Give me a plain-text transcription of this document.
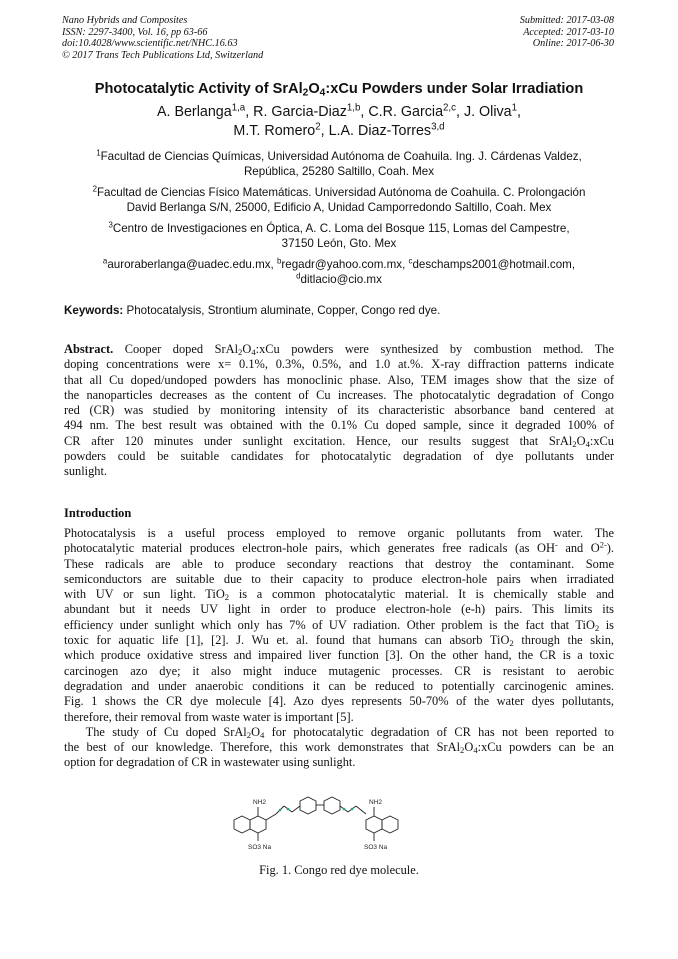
Nano Hybrids and Composites
ISSN: 2297-3400, Vol. 16, pp 63-66
doi:10.4028/www.scientific.net/NHC.16.63
© 2017 Trans Tech Publications Ltd, Switzerland
Submitted: 2017-03-08
Accepted: 2017-03-10
Online: 2017-06-30
Photocatalytic Activity of $SrAl_2O_4:xCu$ Powders under Solar Irradiation
A. Berlanga$^{1,a}$, R. Garcia-Diaz$^{1,b}$, C.R. Garcia$^{2,c}$, J. Oliva$^1$,
M.T. Romero$^2$, L.A. Diaz-Torres$^{3,d}$
$^1$Facultad de Ciencias Químicas, Universidad Autónoma de Coahuila. Ing. J. Cárdenas Valdez,
República, 25280 Saltillo, Coah. Mex
$^2$Facultad de Ciencias Físico Matemáticas. Universidad Autónoma de Coahuila. C. Prolongación
David Berlanga S/N, 25000, Edificio A, Unidad Camporredondo Saltillo, Coah. Mex
$^3$Centro de Investigaciones en Óptica, A. C. Loma del Bosque 115, Lomas del Campestre,
37150 León, Gto. Mex
$^a$auroraberlanga@uadec.edu.mx, $^b$regadr@yahoo.com.mx, $^c$deschamps2001@hotmail.com,
$^d$ditlacio@cio.mx
Keywords: Photocatalysis, Strontium aluminate, Copper, Congo red dye.
Abstract. Cooper doped $SrAl_2O_4:xCu$ powders were synthesized by combustion method. The
doping concentrations were x= 0.1%, 0.3%, 0.5%, and 1.0 at.%. X-ray diffraction patterns indicate
that all Cu doped/undoped powders has monoclinic phase. Also, TEM images show that the size of
the nanoparticles decreases as the content of Cu increases. The photocatalytic degradation of Congo
red (CR) was studied by monitoring intensity of its characteristic absorbance band centered at
494 nm. The best result was obtained with the 0.1% Cu doped sample, since it degraded 100% of
CR after 120 minutes under sunlight excitation. Hence, our results suggest that $SrAl_2O_4:xCu$
powders could be suitable candidates for photocatalytic degradation of dye pollutants under
sunlight.
Introduction
Photocatalysis is a useful process employed to remove organic pollutants from water. The
photocatalytic material produces electron-hole pairs, which generates free radicals (as OH- and $O^{2-}$).
These radicals are able to produce secondary reactions that destroy the contaminant. Some
semiconductors are suitable due to their capacity to produce electron-hole pairs when irradiated
with UV or sun light. TiO$_2$ is a common photocatalytic material. It is chemically stable and
abundant but it needs UV light in order to produce electron-hole (e-h) pairs. This limits its
efficiency under sunlight which only has 7% of UV radiation. Other problem is the fact that TiO$_2$ is
toxic for aquatic life [1], [2]. J. Wu et. al. found that humans can absorb TiO$_2$ through the skin,
which produce oxidative stress and impaired liver function [3]. On the other hand, the CR is a toxic
carcinogen azo dye; it also might induce mutagenic processes. CR is resistant to aerobic
degradation and under anaerobic conditions it can be reduced to potentially carcinogenic amines.
Fig. 1 shows the CR dye molecule [4]. Azo dyes represents 50-70% of the water dyes pollutants,
therefore, their removal from waste water is important [5].
The study of Cu doped $SrAl_2O_4$ for photocatalytic degradation of CR has not been reported to
the best of our knowledge. Therefore, this work demonstrates that $SrAl_2O_4:xCu$ powders can be an
option for degradation of CR in wastewater using sunlight.
NH2	NH2
SO3 Na	SO3 Na
Fig. 1. Congo red dye molecule.
